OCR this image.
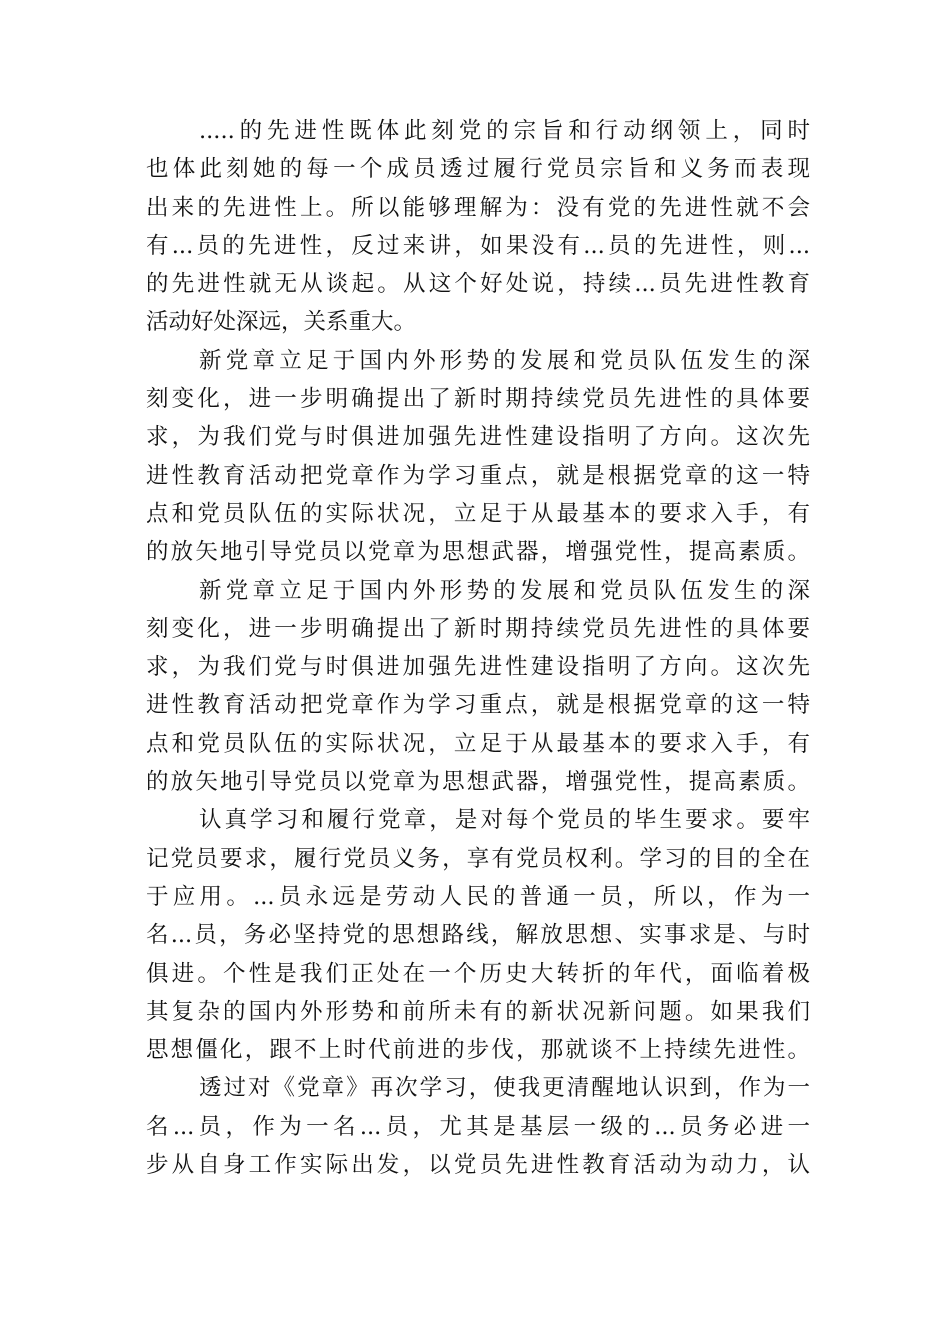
.....的先进性既体此刻党的宗旨和行动纲领上，同时
也体此刻她的每一个成员透过履行党员宗旨和义务而表现
出来的先进性上。所以能够理解为：没有党的先进性就不会
有...员的先进性，反过来讲，如果没有...员的先进性，则...
的先进性就无从谈起。从这个好处说，持续...员先进性教育
活动好处深远，关系重大。
新党章立足于国内外形势的发展和党员队伍发生的深
刻变化，进一步明确提出了新时期持续党员先进性的具体要
求，为我们党与时俱进加强先进性建设指明了方向。这次先
进性教育活动把党章作为学习重点，就是根据党章的这一特
点和党员队伍的实际状况，立足于从最基本的要求入手，有
的放矢地引导党员以党章为思想武器，增强党性，提高素质。
新党章立足于国内外形势的发展和党员队伍发生的深
刻变化，进一步明确提出了新时期持续党员先进性的具体要
求，为我们党与时俱进加强先进性建设指明了方向。这次先
进性教育活动把党章作为学习重点，就是根据党章的这一特
点和党员队伍的实际状况，立足于从最基本的要求入手，有
的放矢地引导党员以党章为思想武器，增强党性，提高素质。
认真学习和履行党章，是对每个党员的毕生要求。要牢
记党员要求，履行党员义务，享有党员权利。学习的目的全在
于应用。...员永远是劳动人民的普通一员，所以，作为一
名...员，务必坚持党的思想路线，解放思想、实事求是、与时
俱进。个性是我们正处在一个历史大转折的年代，面临着极
其复杂的国内外形势和前所未有的新状况新问题。如果我们
思想僵化，跟不上时代前进的步伐，那就谈不上持续先进性。
透过对《党章》再次学习，使我更清醒地认识到，作为一
名...员，作为一名...员，尤其是基层一级的...员务必进一
步从自身工作实际出发，以党员先进性教育活动为动力，认
